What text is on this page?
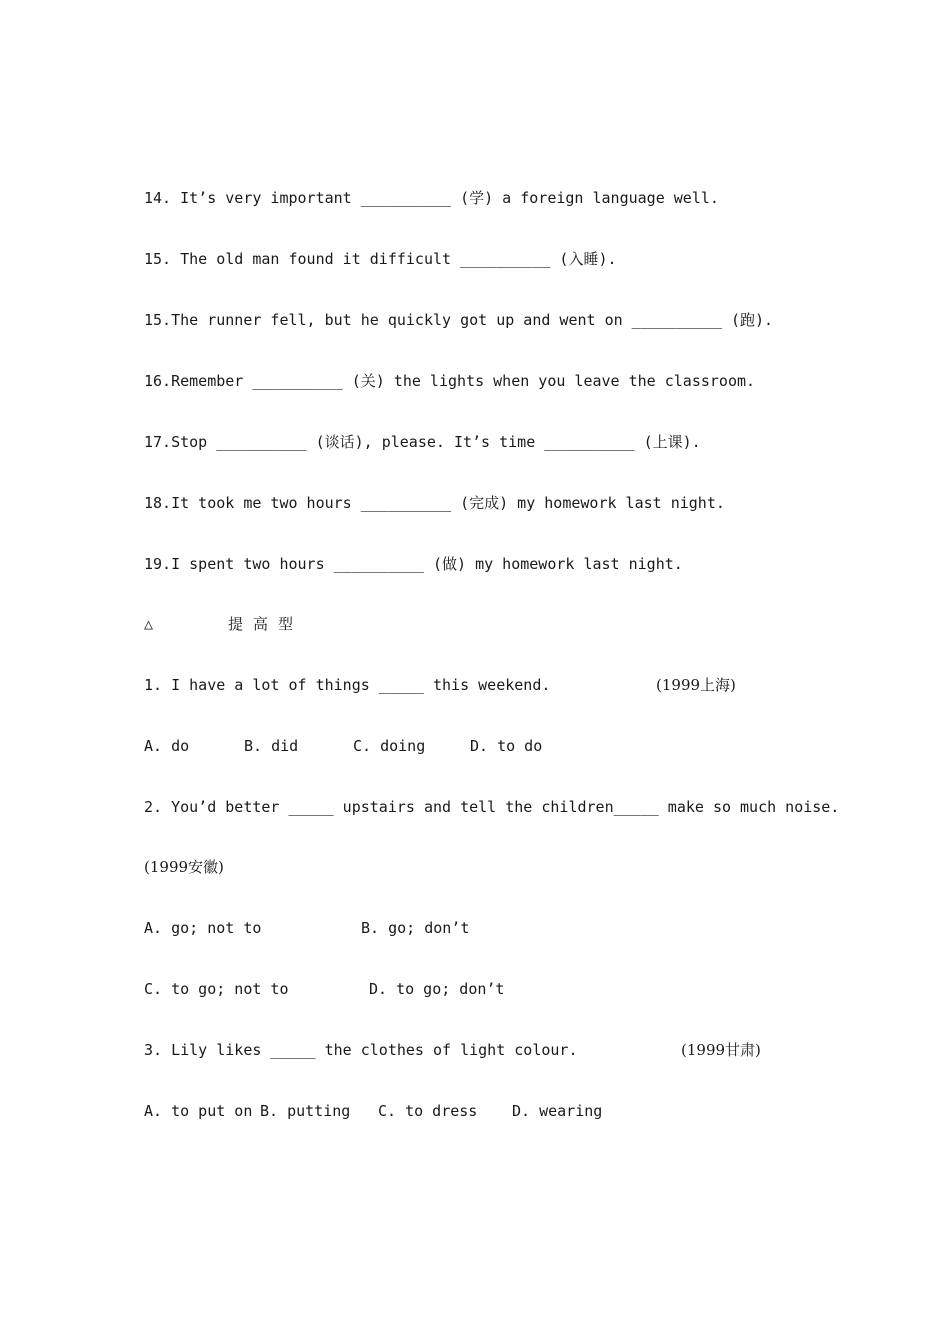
14. It’s very important __________ (学) a foreign language well.
15. The old man found it difficult __________ (入睡).
15.The runner fell, but he quickly got up and went on __________ (跑).
16.Remember __________ (关) the lights when you leave the classroom.
17.Stop __________ (谈话), please. It’s time __________ (上课).
18.It took me two hours __________ (完成) my homework last night.
19.I spent two hours __________ (做) my homework last night.
△	提高型
1. I have a lot of things _____ this weekend.	(1999上海)
A. do	B. did	C. doing	D. to do
2. You’d better _____ upstairs and tell the children_____ make so much noise.
(1999安徽)
A. go; not to	B. go; don’t
C. to go; not to	D. to go; don’t
3. Lily likes _____ the clothes of light colour.	(1999甘肃)
A. to put on B. putting C. to dress D. wearing
